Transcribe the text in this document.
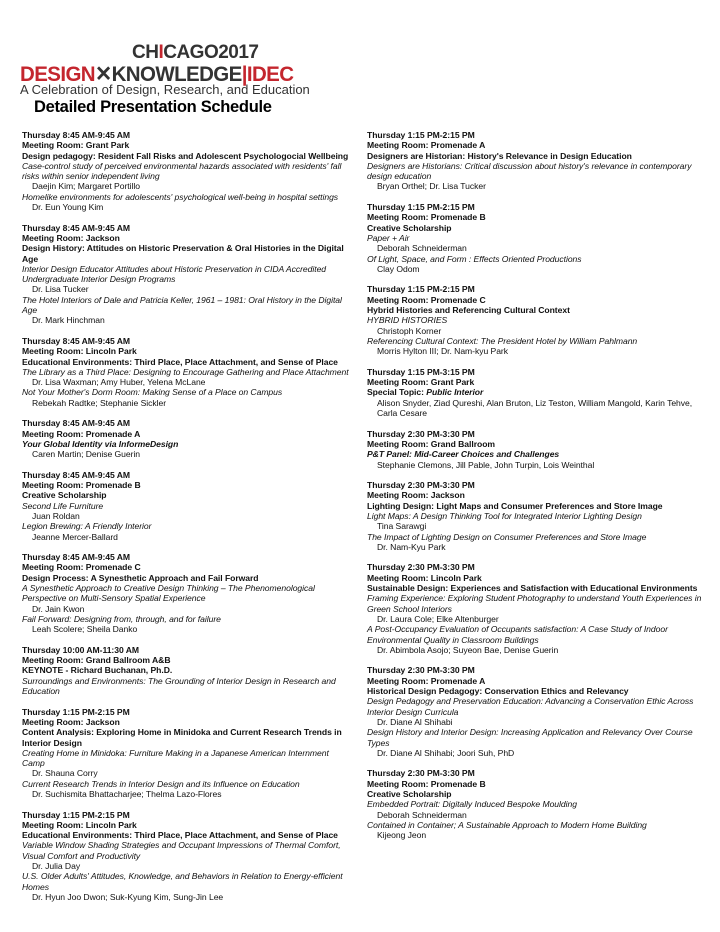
CHICAGO2017
DESIGN✕KNOWLEDGE|IDEC
A Celebration of Design, Research, and Education
Detailed Presentation Schedule
Thursday 8:45 AM-9:45 AM
Meeting Room: Grant Park
Design pedagogy: Resident Fall Risks and Adolescent Psychologocial Wellbeing
Case-control study of perceived environmental hazards associated with residents' fall risks within senior independent living
Daejin Kim; Margaret Portillo
Homelike environments for adolescents' psychological well-being in hospital settings
Dr. Eun Young Kim
Thursday 8:45 AM-9:45 AM
Meeting Room: Jackson
Design History: Attitudes on Historic Preservation & Oral Histories in the Digital Age
Interior Design Educator Attitudes about Historic Preservation in CIDA Accredited Undergraduate Interior Design Programs
Dr. Lisa Tucker
The Hotel Interiors of Dale and Patricia Keller, 1961 – 1981: Oral History in the Digital Age
Dr. Mark Hinchman
Thursday 8:45 AM-9:45 AM
Meeting Room: Lincoln Park
Educational Environments: Third Place, Place Attachment, and Sense of Place
The Library as a Third Place: Designing to Encourage Gathering and Place Attachment
Dr. Lisa Waxman; Amy Huber, Yelena McLane
Not Your Mother's Dorm Room: Making Sense of a Place on Campus
Rebekah Radtke; Stephanie Sickler
Thursday 8:45 AM-9:45 AM
Meeting Room: Promenade A
Your Global Identity via InformeDesign
Caren Martin; Denise Guerin
Thursday 8:45 AM-9:45 AM
Meeting Room: Promenade B
Creative Scholarship
Second Life Furniture
Juan Roldan
Legion Brewing: A Friendly Interior
Jeanne Mercer-Ballard
Thursday 8:45 AM-9:45 AM
Meeting Room: Promenade C
Design Process: A Synesthetic Approach and Fail Forward
A Synesthetic Approach to Creative Design Thinking – The Phenomenological Perspective on Multi-Sensory Spatial Experience
Dr. Jain Kwon
Fail Forward: Designing from, through, and for failure
Leah Scolere; Sheila Danko
Thursday 10:00 AM-11:30 AM
Meeting Room: Grand Ballroom A&B
KEYNOTE - Richard Buchanan, Ph.D.
Surroundings and Environments: The Grounding of Interior Design in Research and Education
Thursday 1:15 PM-2:15 PM
Meeting Room: Jackson
Content Analysis: Exploring Home in Minidoka and Current Research Trends in Interior Design
Creating Home in Minidoka: Furniture Making in a Japanese American Internment Camp
Dr. Shauna Corry
Current Research Trends in Interior Design and its Influence on Education
Dr. Suchismita Bhattacharjee; Thelma Lazo-Flores
Thursday 1:15 PM-2:15 PM
Meeting Room: Lincoln Park
Educational Environments: Third Place, Place Attachment, and Sense of Place
Variable Window Shading Strategies and Occupant Impressions of Thermal Comfort, Visual Comfort and Productivity
Dr. Julia Day
U.S. Older Adults' Attitudes, Knowledge, and Behaviors in Relation to Energy-efficient Homes
Dr. Hyun Joo Dwon; Suk-Kyung Kim, Sung-Jin Lee
Thursday 1:15 PM-2:15 PM
Meeting Room: Promenade A
Designers are Historian: History's Relevance in Design Education
Designers are Historians: Critical discussion about history's relevance in contemporary design education
Bryan Orthel; Dr. Lisa Tucker
Thursday 1:15 PM-2:15 PM
Meeting Room: Promenade B
Creative Scholarship
Paper + Air
Deborah Schneiderman
Of Light, Space, and Form : Effects Oriented Productions
Clay Odom
Thursday 1:15 PM-2:15 PM
Meeting Room: Promenade C
Hybrid Histories and Referencing Cultural Context
HYBRID HISTORIES
Christoph Korner
Referencing Cultural Context: The President Hotel by William Pahlmann
Morris Hylton III; Dr. Nam-kyu Park
Thursday 1:15 PM-3:15 PM
Meeting Room: Grant Park
Special Topic: Public Interior
Alison Snyder, Ziad Qureshi, Alan Bruton, Liz Teston, William Mangold, Karin Tehve, Carla Cesare
Thursday 2:30 PM-3:30 PM
Meeting Room: Grand Ballroom
P&T Panel: Mid-Career Choices and Challenges
Stephanie Clemons, Jill Pable, John Turpin, Lois Weinthal
Thursday 2:30 PM-3:30 PM
Meeting Room: Jackson
Lighting Design: Light Maps and Consumer Preferences and Store Image
Light Maps: A Design Thinking Tool for Integrated Interior Lighting Design
Tina Sarawgi
The Impact of Lighting Design on Consumer Preferences and Store Image
Dr. Nam-Kyu Park
Thursday 2:30 PM-3:30 PM
Meeting Room: Lincoln Park
Sustainable Design: Experiences and Satisfaction with Educational Environments
Framing Experience: Exploring Student Photography to understand Youth Experiences in Green School Interiors
Dr. Laura Cole; Elke Altenburger
A Post-Occupancy Evaluation of Occupants satisfaction: A Case Study of Indoor Environmental Quality in Classroom Buildings
Dr. Abimbola Asojo; Suyeon Bae, Denise Guerin
Thursday 2:30 PM-3:30 PM
Meeting Room: Promenade A
Historical Design Pedagogy: Conservation Ethics and Relevancy
Design Pedagogy and Preservation Education: Advancing a Conservation Ethic Across Interior Design Curricula
Dr. Diane Al Shihabi
Design History and Interior Design: Increasing Application and Relevancy Over Course Types
Dr. Diane Al Shihabi; Joori Suh, PhD
Thursday 2:30 PM-3:30 PM
Meeting Room: Promenade B
Creative Scholarship
Embedded Portrait: Digitally Induced Bespoke Moulding
Deborah Schneiderman
Contained in Container; A Sustainable Approach to Modern Home Building
Kijeong Jeon
